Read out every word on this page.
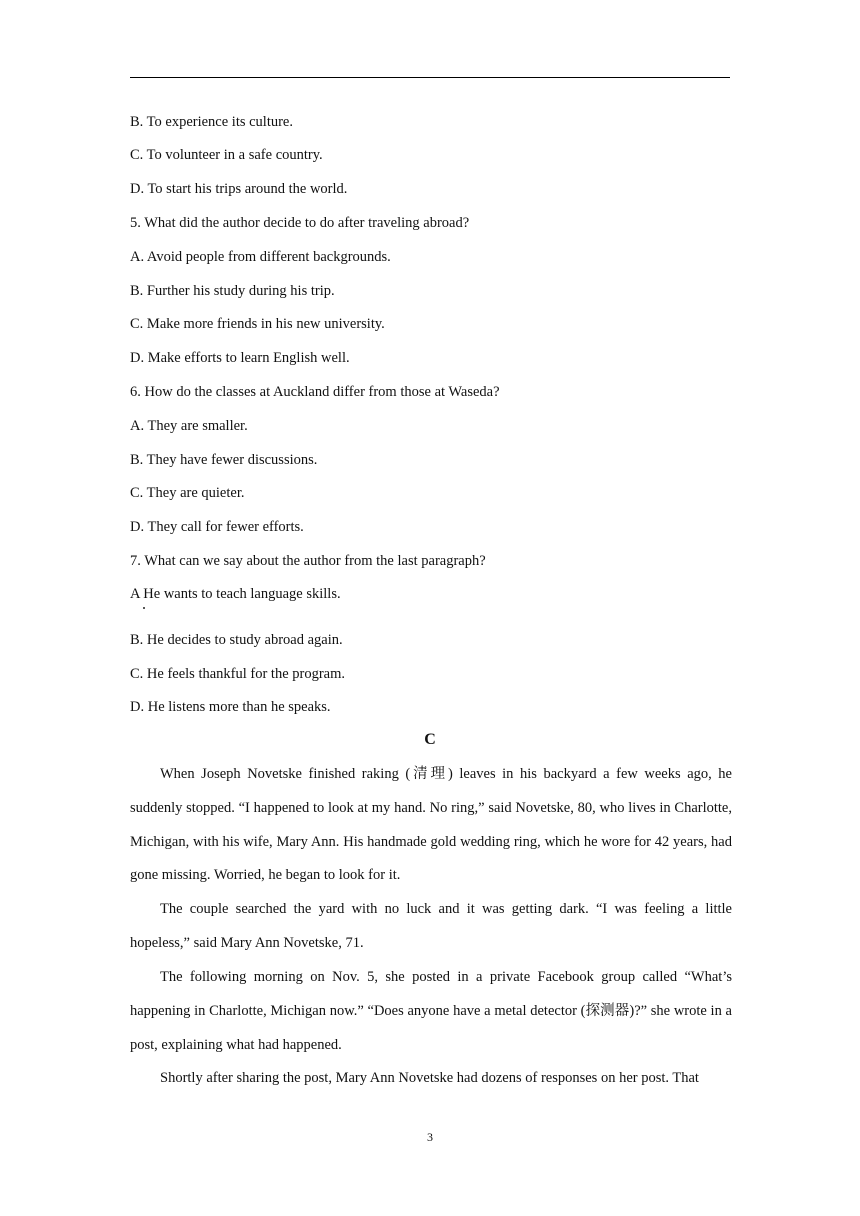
B. To experience its culture.
C. To volunteer in a safe country.
D. To start his trips around the world.
5. What did the author decide to do after traveling abroad?
A. Avoid people from different backgrounds.
B. Further his study during his trip.
C. Make more friends in his new university.
D. Make efforts to learn English well.
6. How do the classes at Auckland differ from those at Waseda?
A. They are smaller.
B. They have fewer discussions.
C. They are quieter.
D. They call for fewer efforts.
7. What can we say about the author from the last paragraph?
A He wants to teach language skills.
B. He decides to study abroad again.
C. He feels thankful for the program.
D. He listens more than he speaks.
C
When Joseph Novetske finished raking (清理) leaves in his backyard a few weeks ago, he suddenly stopped. “I happened to look at my hand. No ring,” said Novetske, 80, who lives in Charlotte, Michigan, with his wife, Mary Ann. His handmade gold wedding ring, which he wore for 42 years, had gone missing. Worried, he began to look for it.
The couple searched the yard with no luck and it was getting dark. “I was feeling a little hopeless,” said Mary Ann Novetske, 71.
The following morning on Nov. 5, she posted in a private Facebook group called “What’s happening in Charlotte, Michigan now.” “Does anyone have a metal detector (探测器)?” she wrote in a post, explaining what had happened.
Shortly after sharing the post, Mary Ann Novetske had dozens of responses on her post. That
3
